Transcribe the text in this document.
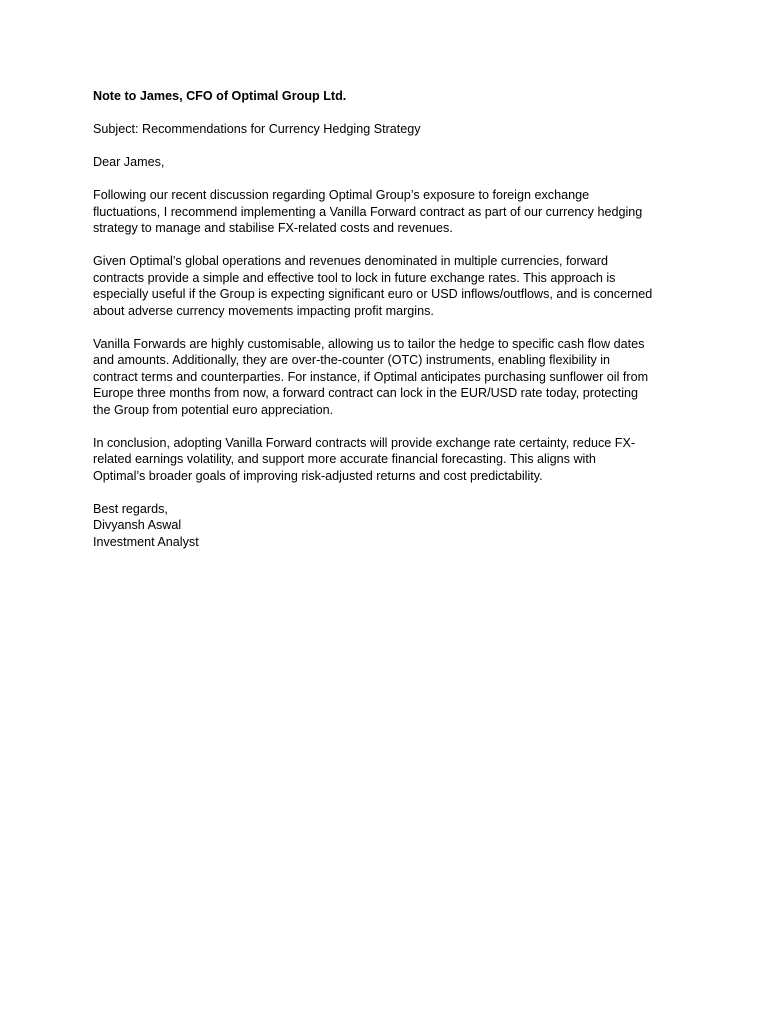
Note to James, CFO of Optimal Group Ltd.
Subject: Recommendations for Currency Hedging Strategy
Dear James,
Following our recent discussion regarding Optimal Group’s exposure to foreign exchange
fluctuations, I recommend implementing a Vanilla Forward contract as part of our currency hedging
strategy to manage and stabilise FX-related costs and revenues.
Given Optimal’s global operations and revenues denominated in multiple currencies, forward
contracts provide a simple and effective tool to lock in future exchange rates. This approach is
especially useful if the Group is expecting significant euro or USD inflows/outflows, and is concerned
about adverse currency movements impacting profit margins.
Vanilla Forwards are highly customisable, allowing us to tailor the hedge to specific cash flow dates
and amounts. Additionally, they are over-the-counter (OTC) instruments, enabling flexibility in
contract terms and counterparties. For instance, if Optimal anticipates purchasing sunflower oil from
Europe three months from now, a forward contract can lock in the EUR/USD rate today, protecting
the Group from potential euro appreciation.
In conclusion, adopting Vanilla Forward contracts will provide exchange rate certainty, reduce FX-
related earnings volatility, and support more accurate financial forecasting. This aligns with
Optimal’s broader goals of improving risk-adjusted returns and cost predictability.
Best regards,
Divyansh Aswal
Investment Analyst
